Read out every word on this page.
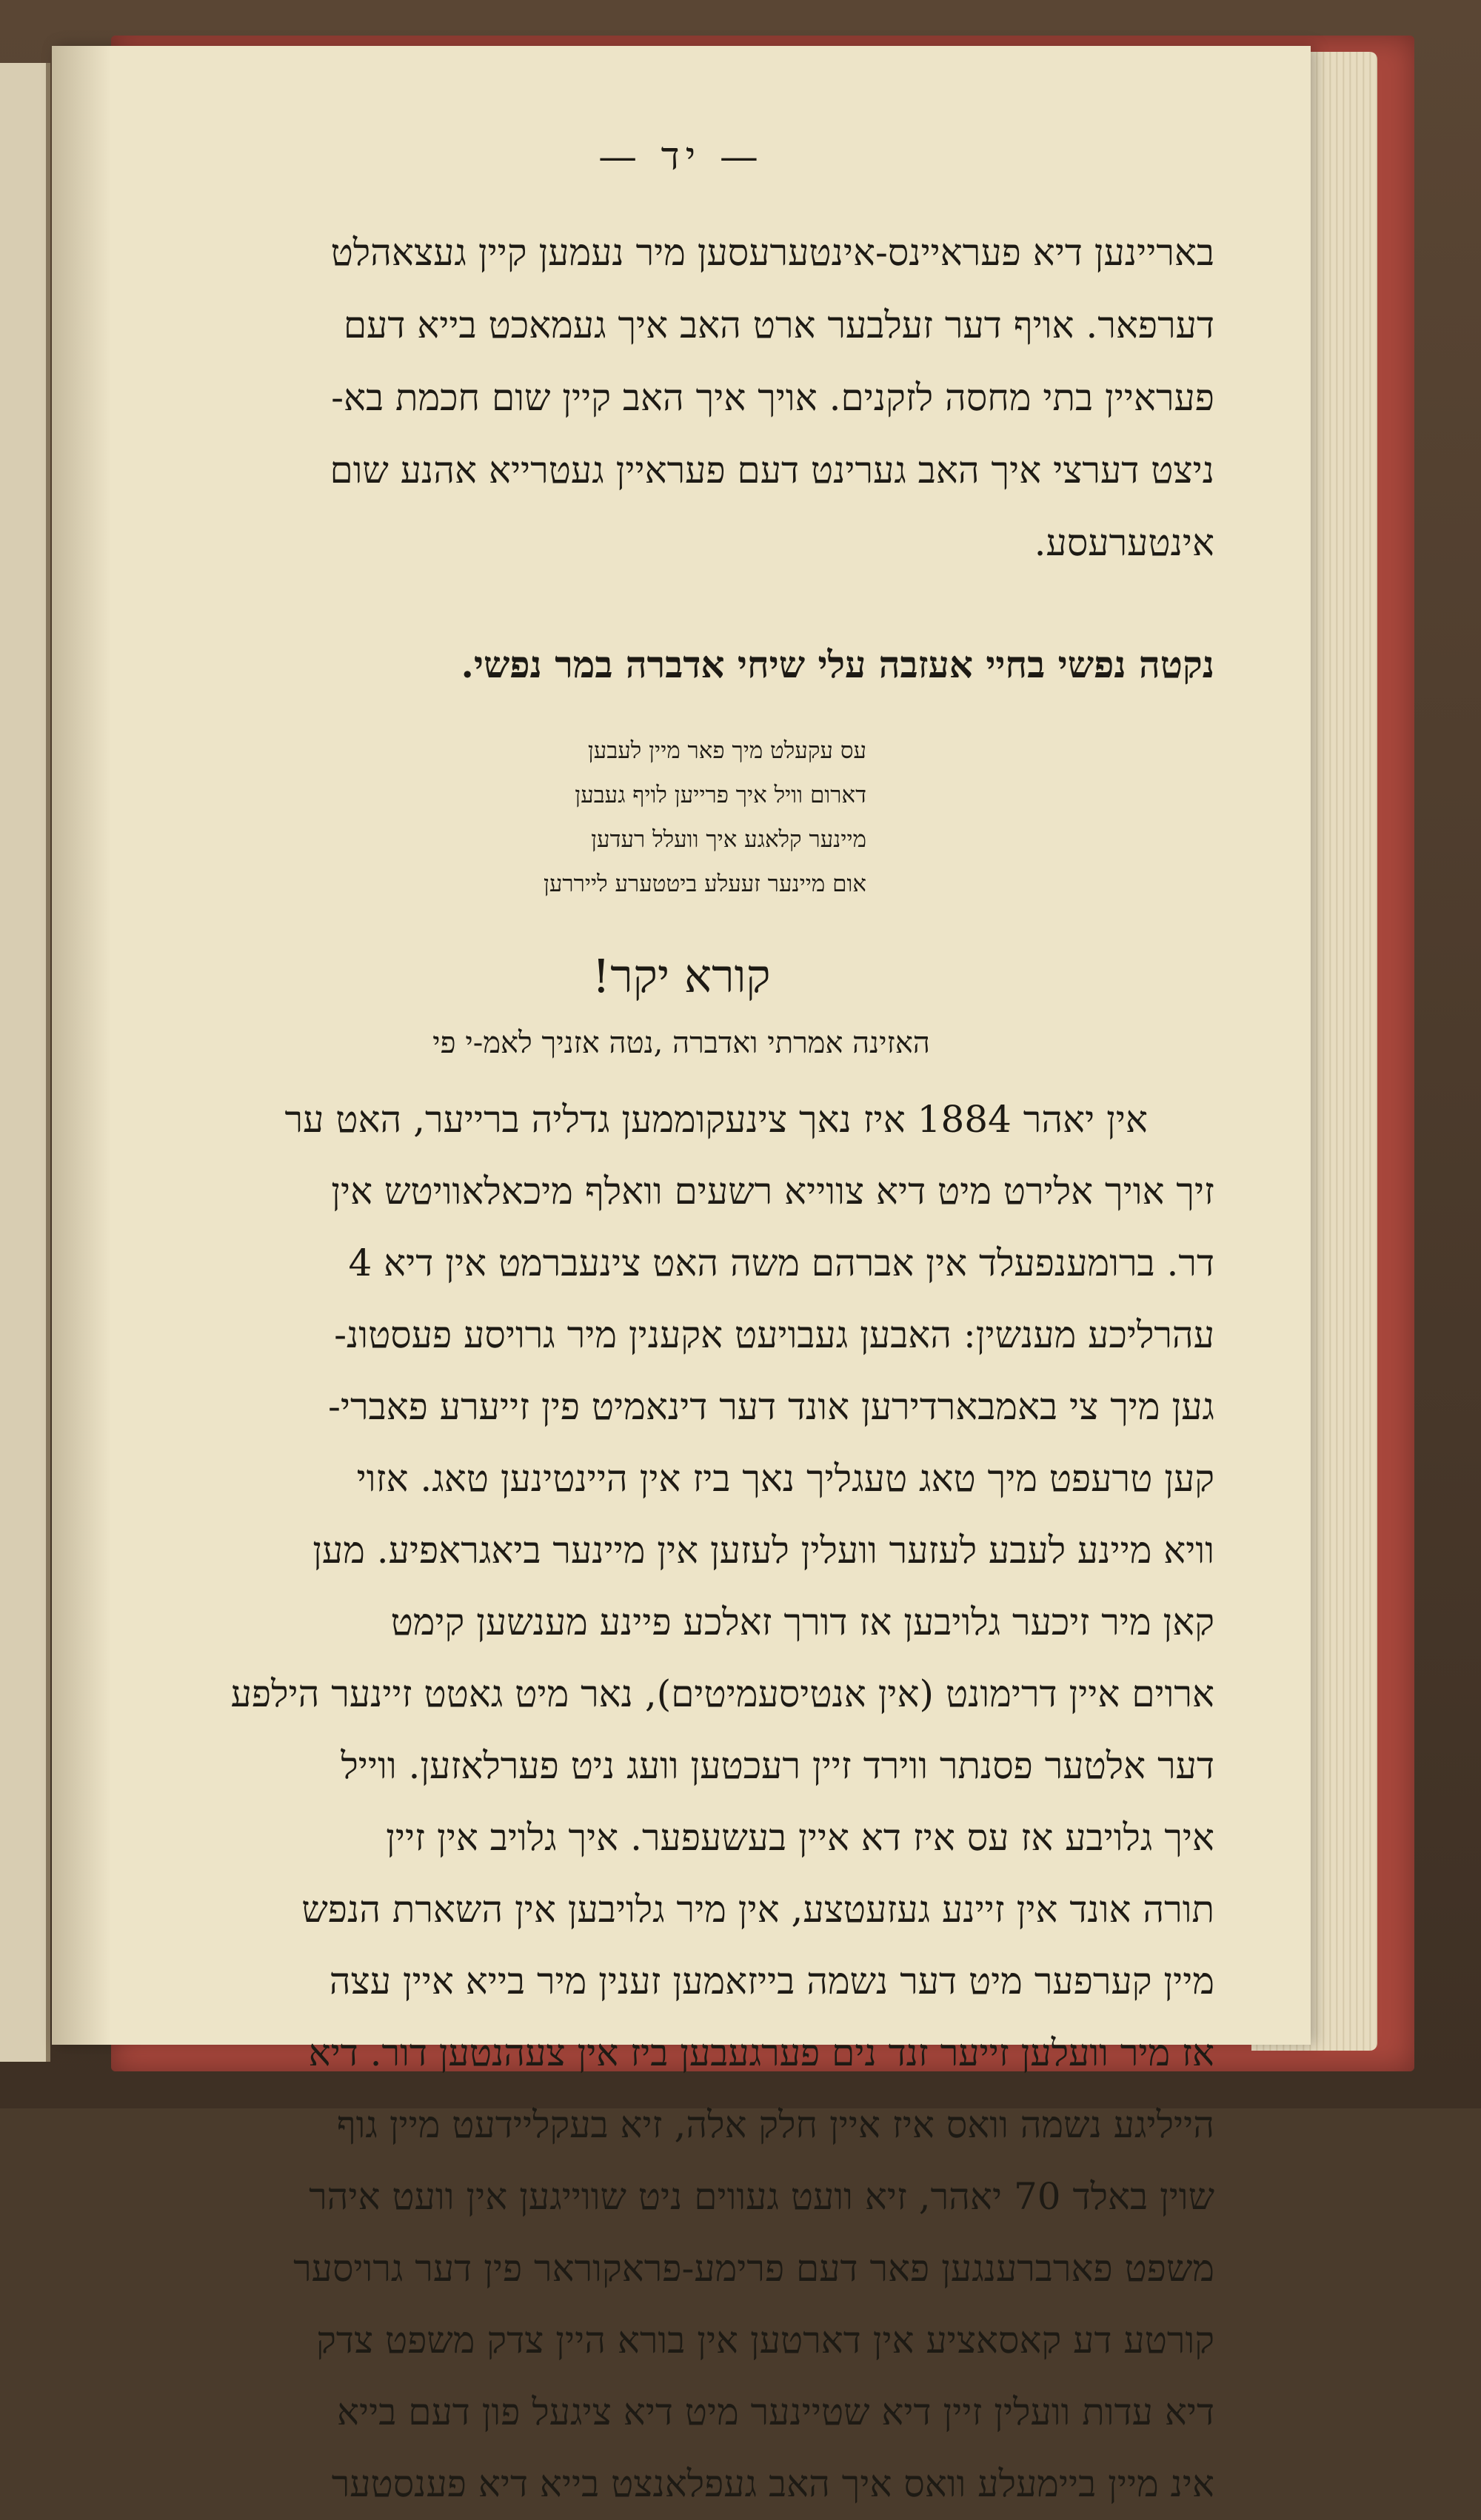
— יד —
באריינען דיא פעראיינס-אינטערעסען מיר נעמען קיין געצאהלט
דערפאר. אויף דער זעלבער ארט האב איך געמאכט בייא דעם
פעראיין בתי מחסה לזקנים. אויך איך האב קיין שום חכמת בא-
ניצט דערצי איך האב גערינט דעם פעראיין געטרייא אהנע שום
אינטערעסע.
נקטה נפשי בחיי אעזבה עלי שיחי אדברה במר נפשי.
עס עקעלט מיך פאר מיין לעבען
דארום וויל איך פרייען לויף געבען
מיינער קלאגע איך וועלל רעדען
אום מיינער זעעלע ביטטערע לייררען
קורא יקר!
האזינה אמרתי ואדברה ,נטה אזניך לאמ-י פי
אין יאהר 1884 איז נאך צינעקוממען גדליה ברייער, האט ער
זיך אויך אלירט מיט דיא צווייא רשעים וואלף מיכאלאוויטש אין
דר. ברומענפעלד אין אברהם משה האט צינעברמט אין דיא 4
עהרליכע מענשין: האבען געבויעט אקענין מיר גרויסע פעסטונ-
גען מיך צי באמבארדירען אונד דער דינאמיט פין זייערע פאברי-
קען טרעפט מיך טאג טעגליך נאך ביז אין היינטינען טאג. אזוי
וויא מיינע לעבע לעזער וועלין לעזען אין מיינער ביאגראפיע. מען
קאן מיר זיכער גלויבען אז דורך זאלכע פיינע מענשען קימט
ארוים איין דרימונט (אין אנטיסעמיטים), נאר מיט גאטט זיינער הילפע
דער אלטער פסנתר ווירד זיין רעכטען וועג ניט פערלאזען. ווייל
איך גלויבע אז עס איז דא איין בעשעפער. איך גלויב אין זיין
תורה אונד אין זיינע געזעטצע, אין מיר גלויבען אין השארת הנפש
מיין קערפער מיט דער נשמה בייזאמען זענין מיר בייא איין עצה
אז מיר וועלען זייער זנד נים פערגעבען ביז אין צעהנטען דור. דיא
הייליגע נשמה וואס איז איין חלק אלה, זיא בעקליידעט מיין גוף
שוין באלד 70 יאהר, זיא וועט געווים ניט שווייגען אין וועט איהר
משפט פארברענגען פאר דעם פרימע-פראקוראר פין דער גרויסער
קורטע דע קאסאציע אין דארטען אין בורא היין צדק משפט צדק
דיא עדות וועלין זיין דיא שטיינער מיט דיא ציגעל פון דעם בייא
אינ מיין ביימעלע וואס איך האב געפלאנצט בייא דיא פענסטער
